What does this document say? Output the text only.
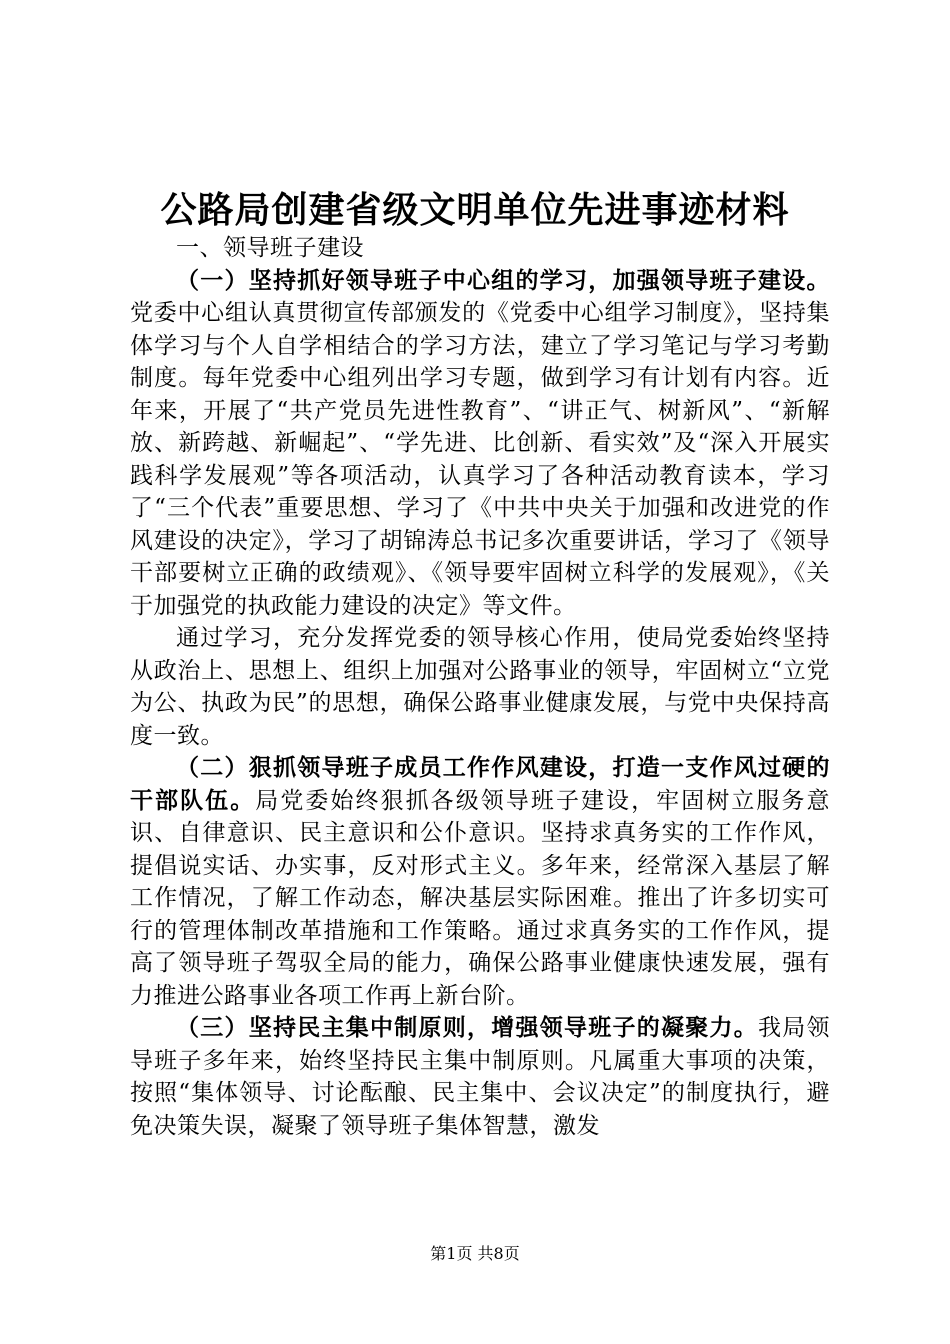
公路局创建省级文明单位先进事迹材料

一、领导班子建设

（一）坚持抓好领导班子中心组的学习，加强领导班子建设。党委中心组认真贯彻宣传部颁发的《党委中心组学习制度》，坚持集体学习与个人自学相结合的学习方法，建立了学习笔记与学习考勤制度。每年党委中心组列出学习专题，做到学习有计划有内容。近年来，开展了“共产党员先进性教育”、“讲正气、树新风”、“新解放、新跨越、新崛起”、“学先进、比创新、看实效”及“深入开展实践科学发展观”等各项活动，认真学习了各种活动教育读本，学习了“三个代表”重要思想、学习了《中共中央关于加强和改进党的作风建设的决定》，学习了胡锦涛总书记多次重要讲话，学习了《领导干部要树立正确的政绩观》、《领导要牢固树立科学的发展观》，《关于加强党的执政能力建设的决定》等文件。

通过学习，充分发挥党委的领导核心作用，使局党委始终坚持从政治上、思想上、组织上加强对公路事业的领导，牢固树立“立党为公、执政为民”的思想，确保公路事业健康发展，与党中央保持高度一致。

（二）狠抓领导班子成员工作作风建设，打造一支作风过硬的干部队伍。局党委始终狠抓各级领导班子建设，牢固树立服务意识、自律意识、民主意识和公仆意识。坚持求真务实的工作作风，提倡说实话、办实事，反对形式主义。多年来，经常深入基层了解工作情况，了解工作动态，解决基层实际困难。推出了许多切实可行的管理体制改革措施和工作策略。通过求真务实的工作作风，提高了领导班子驾驭全局的能力，确保公路事业健康快速发展，强有力推进公路事业各项工作再上新台阶。

（三）坚持民主集中制原则，增强领导班子的凝聚力。我局领导班子多年来，始终坚持民主集中制原则。凡属重大事项的决策，按照“集体领导、讨论酝酿、民主集中、会议决定”的制度执行，避免决策失误，凝聚了领导班子集体智慧，激发

第1页 共8页
